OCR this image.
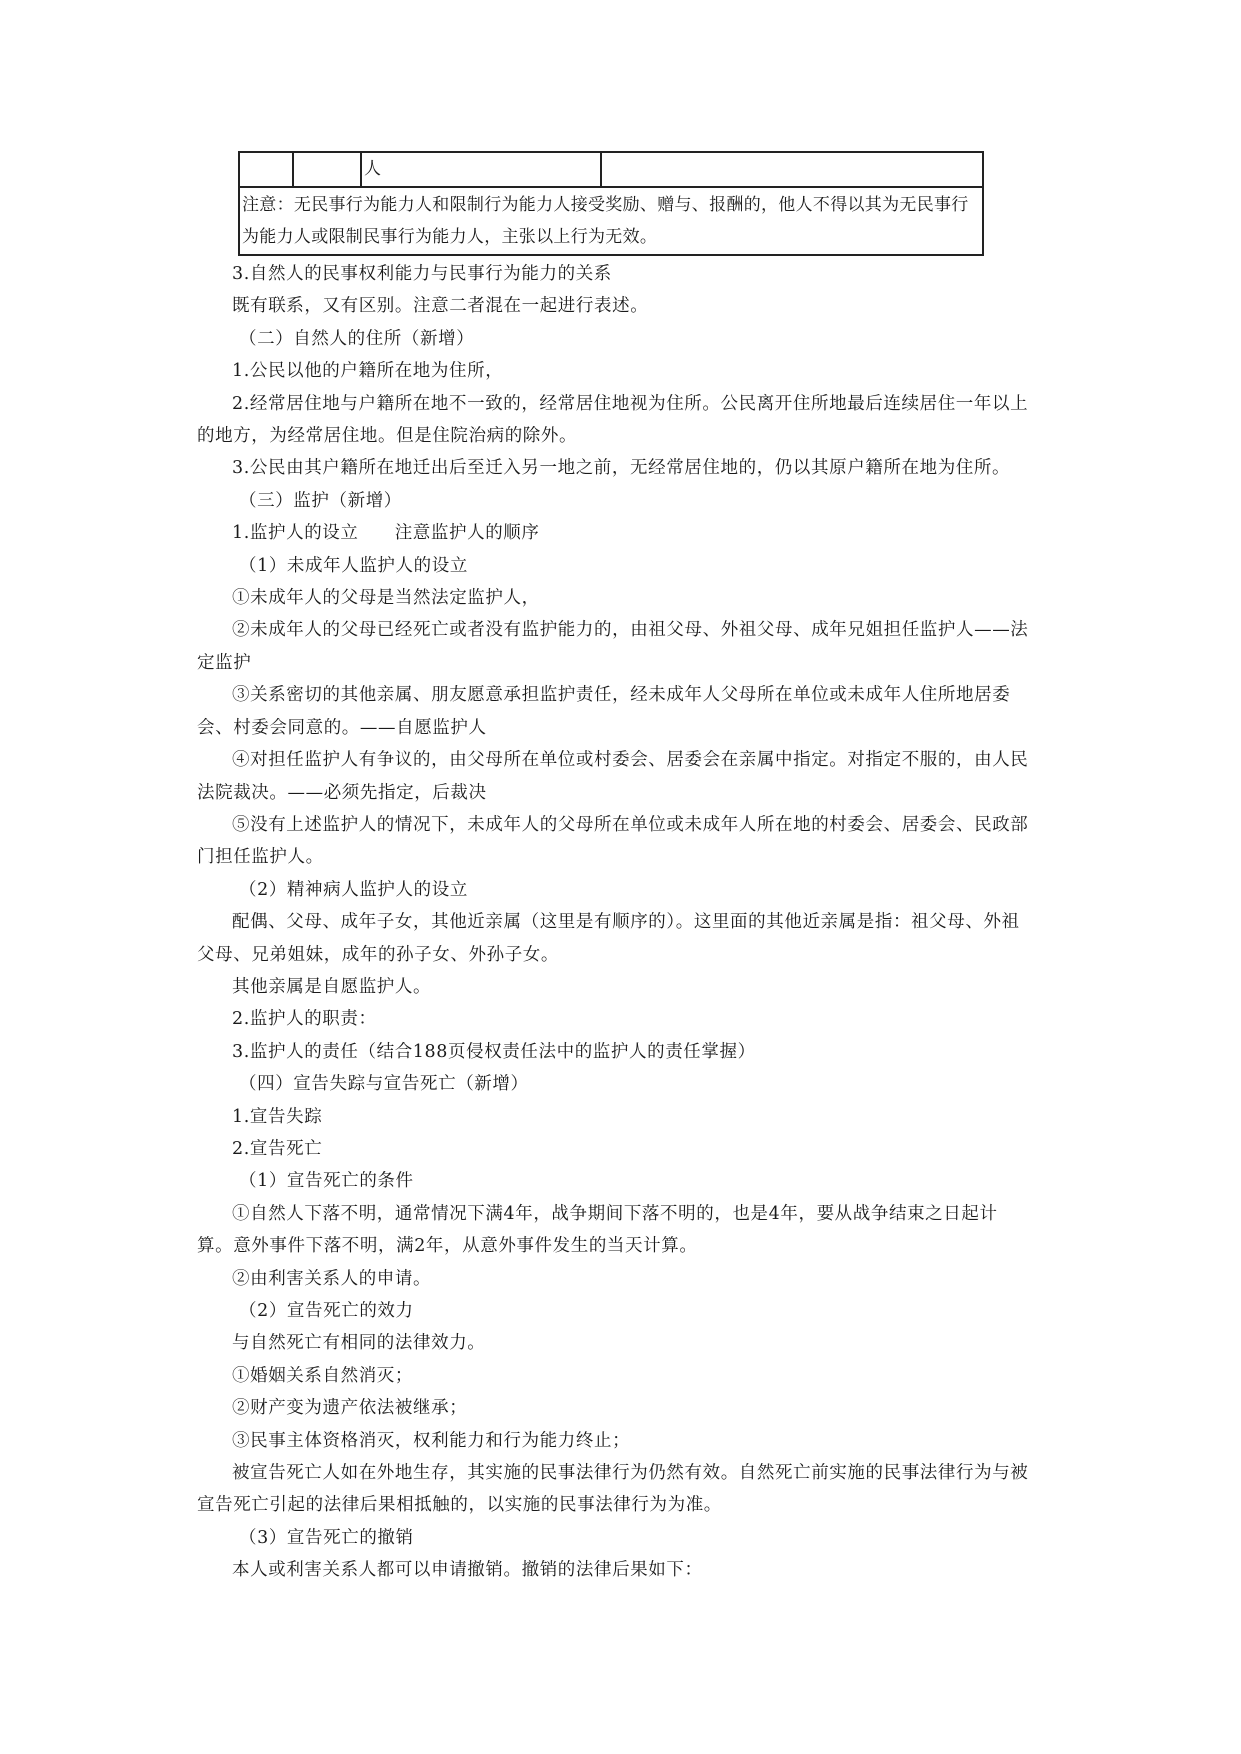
		人	
注意：无民事行为能力人和限制行为能力人接受奖励、赠与、报酬的，他人不得以其为无民事行为能力人或限制民事行为能力人，主张以上行为无效。

3.自然人的民事权利能力与民事行为能力的关系

既有联系，又有区别。注意二者混在一起进行表述。

（二）自然人的住所（新增）

1.公民以他的户籍所在地为住所，

2.经常居住地与户籍所在地不一致的，经常居住地视为住所。公民离开住所地最后连续居住一年以上的地方，为经常居住地。但是住院治病的除外。

3.公民由其户籍所在地迁出后至迁入另一地之前，无经常居住地的，仍以其原户籍所在地为住所。

（三）监护（新增）

1.监护人的设立　　注意监护人的顺序

（1）未成年人监护人的设立

①未成年人的父母是当然法定监护人，

②未成年人的父母已经死亡或者没有监护能力的，由祖父母、外祖父母、成年兄姐担任监护人——法定监护

③关系密切的其他亲属、朋友愿意承担监护责任，经未成年人父母所在单位或未成年人住所地居委会、村委会同意的。——自愿监护人

④对担任监护人有争议的，由父母所在单位或村委会、居委会在亲属中指定。对指定不服的，由人民法院裁决。——必须先指定，后裁决

⑤没有上述监护人的情况下，未成年人的父母所在单位或未成年人所在地的村委会、居委会、民政部门担任监护人。

（2）精神病人监护人的设立

配偶、父母、成年子女，其他近亲属（这里是有顺序的）。这里面的其他近亲属是指：祖父母、外祖父母、兄弟姐妹，成年的孙子女、外孙子女。

其他亲属是自愿监护人。

2.监护人的职责：

3.监护人的责任（结合188页侵权责任法中的监护人的责任掌握）

（四）宣告失踪与宣告死亡（新增）

1.宣告失踪

2.宣告死亡

（1）宣告死亡的条件

①自然人下落不明，通常情况下满4年，战争期间下落不明的，也是4年，要从战争结束之日起计算。意外事件下落不明，满2年，从意外事件发生的当天计算。

②由利害关系人的申请。

（2）宣告死亡的效力

与自然死亡有相同的法律效力。

①婚姻关系自然消灭；

②财产变为遗产依法被继承；

③民事主体资格消灭，权利能力和行为能力终止；

被宣告死亡人如在外地生存，其实施的民事法律行为仍然有效。自然死亡前实施的民事法律行为与被宣告死亡引起的法律后果相抵触的，以实施的民事法律行为为准。

（3）宣告死亡的撤销

本人或利害关系人都可以申请撤销。撤销的法律后果如下：
